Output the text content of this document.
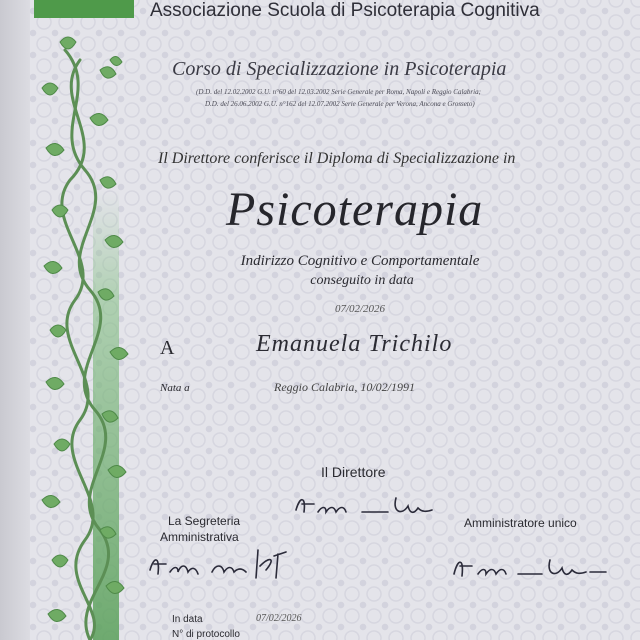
Associazione Scuola di Psicoterapia Cognitiva
Corso di Specializzazione in Psicoterapia
(D.D. del 12.02.2002 G.U. n°60 del 12.03.2002 Serie Generale per Roma, Napoli e Reggio Calabria;
D.D. del 26.06.2002 G.U. n°162 del 12.07.2002 Serie Generale per Verona, Ancona e Grosseto)
Il Direttore conferisce il Diploma di Specializzazione in
Psicoterapia
Indirizzo Cognitivo e Comportamentale
conseguito in data
07/02/2026
A	Emanuela Trichilo
Nata a	Reggio Calabria, 10/02/1991
Il Direttore
La Segreteria
Amministrativa
Amministratore unico
In data	07/02/2026
N° di protocollo
